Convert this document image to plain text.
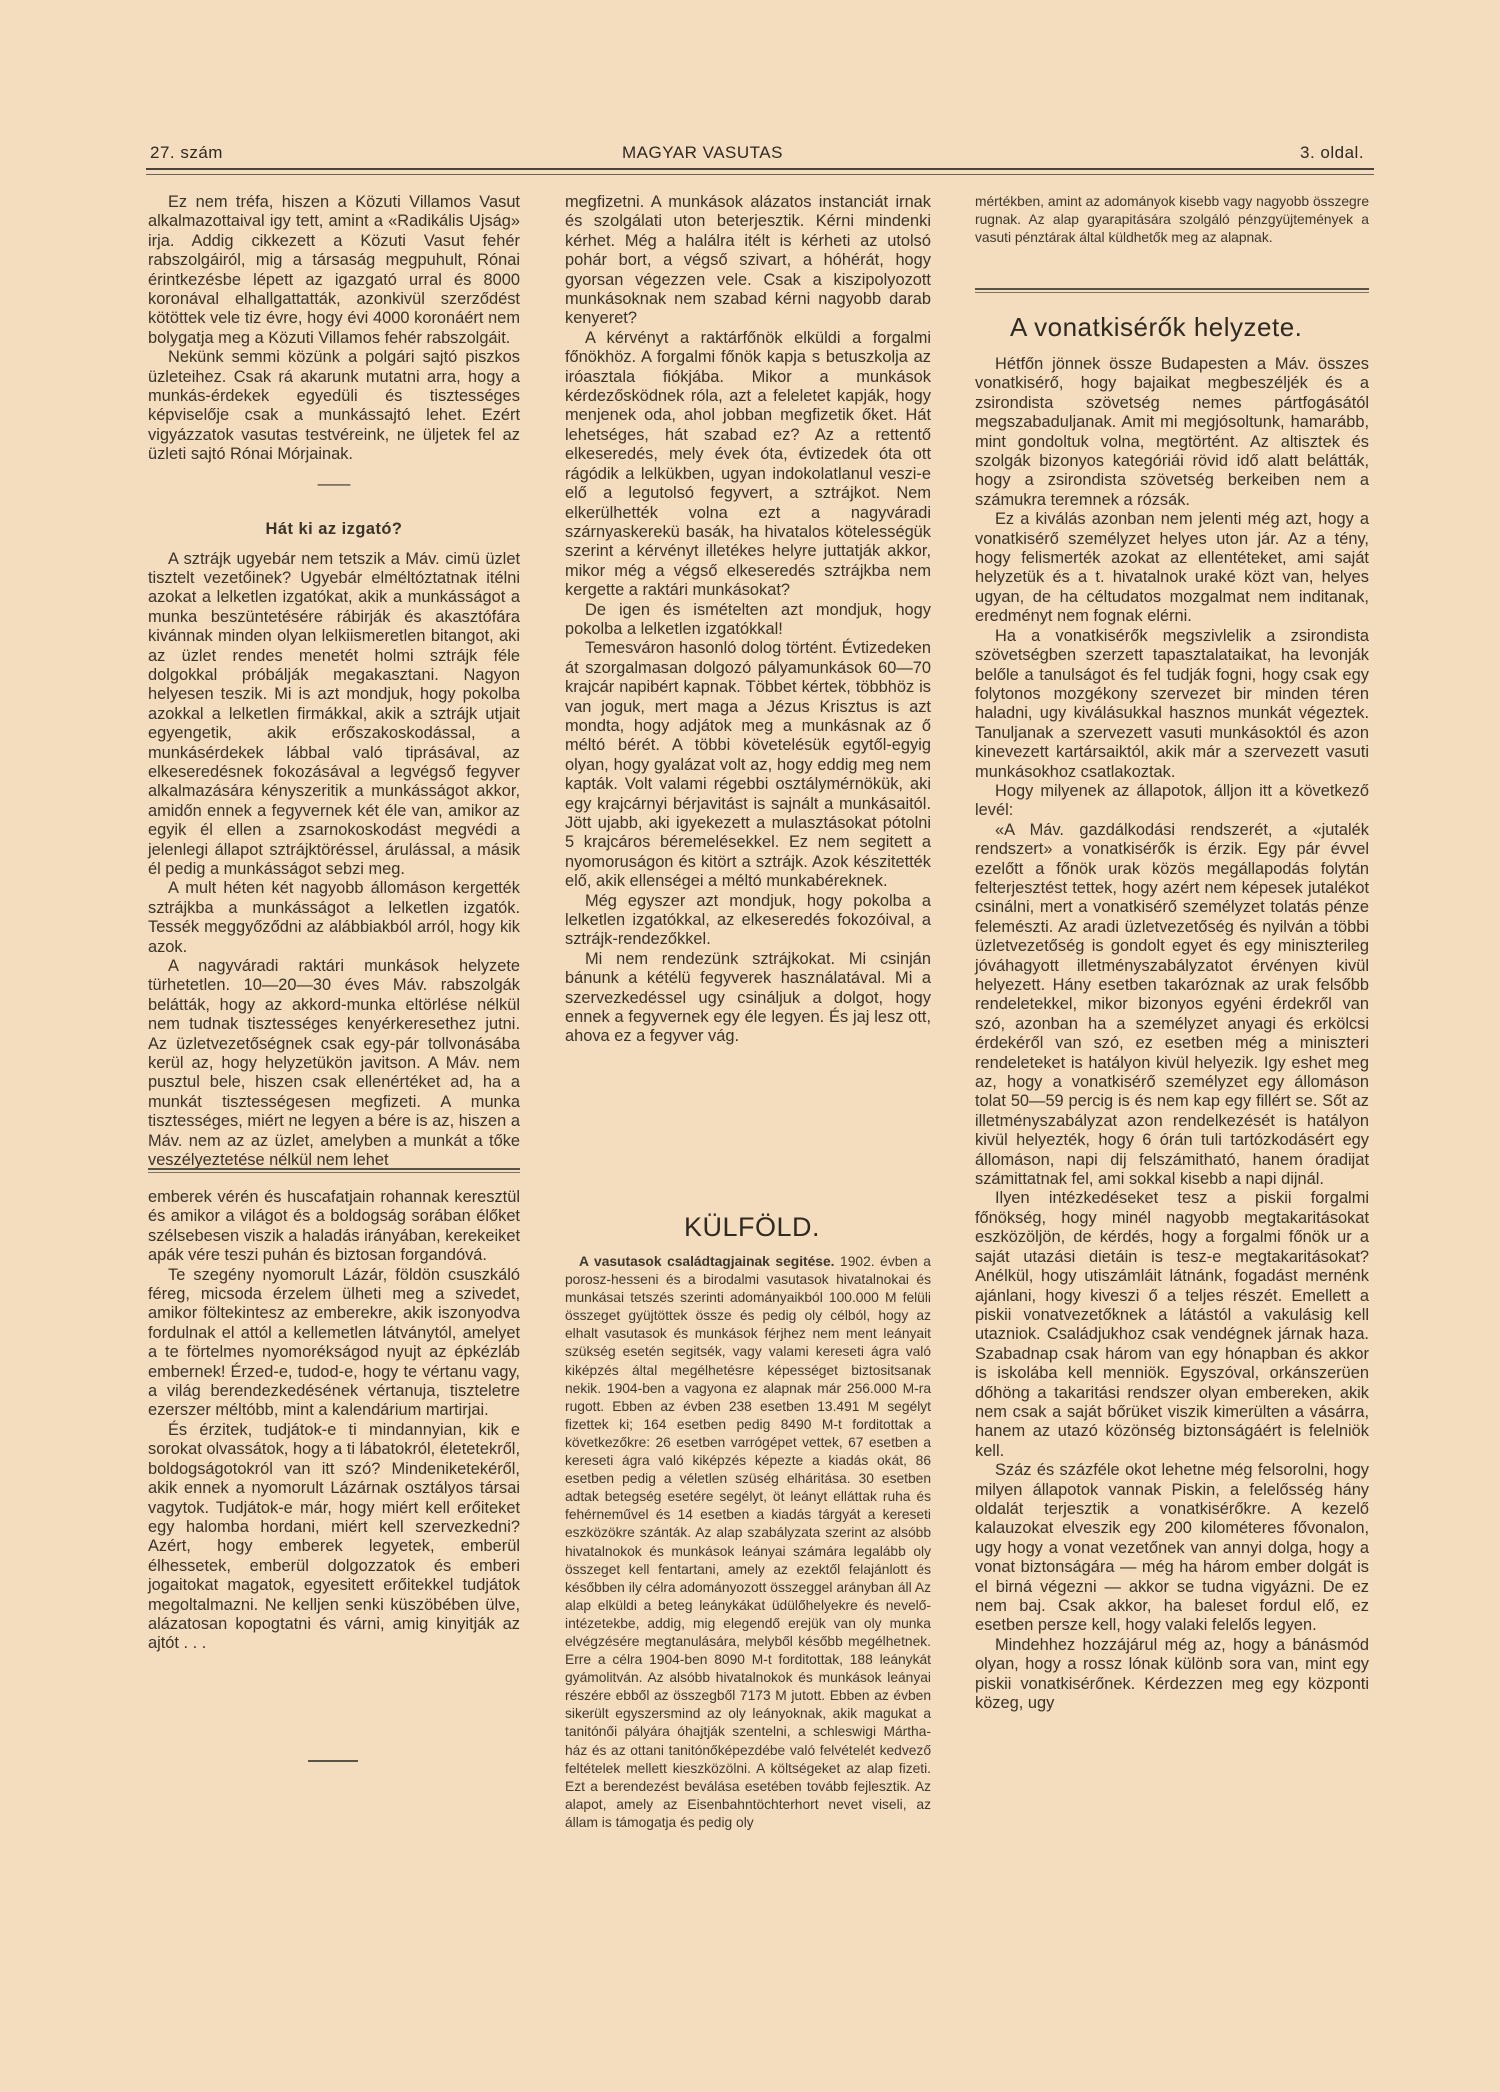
27. szám	MAGYAR VASUTAS	3. oldal.

Ez nem tréfa, hiszen a Közuti Villamos Vasut alkalmazottaival igy tett, amint a «Radikális Ujság» irja. Addig cikkezett a Közuti Vasut fehér rabszolgáiról, mig a társaság megpuhult, Rónai érintkezésbe lépett az igazgató urral és 8000 koronával elhallgattatták, azonkivül szerződést kötöttek vele tiz évre, hogy évi 4000 koronáért nem bolygatja meg a Közuti Villamos fehér rabszolgáit.

Nekünk semmi közünk a polgári sajtó piszkos üzleteihez. Csak rá akarunk mutatni arra, hogy a munkás-érdekek egyedüli és tisztességes képviselője csak a munkássajtó lehet. Ezért vigyázzatok vasutas testvéreink, ne üljetek fel az üzleti sajtó Rónai Mórjainak.

——

Hát ki az izgató?

A sztrájk ugyebár nem tetszik a Máv. cimü üzlet tisztelt vezetőinek? Ugyebár elméltóztatnak itélni azokat a lelketlen izgatókat, akik a munkásságot a munka beszüntetésére rábirják és akasztófára kivánnak minden olyan lelkiismeretlen bitangot, aki az üzlet rendes menetét holmi sztrájk féle dolgokkal próbálják megakasztani. Nagyon helyesen teszik. Mi is azt mondjuk, hogy pokolba azokkal a lelketlen firmákkal, akik a sztrájk utjait egyengetik, akik erőszakoskodással, a munkásérdekek lábbal való tiprásával, az elkeseredésnek fokozásával a legvégső fegyver alkalmazására kényszeritik a munkásságot akkor, amidőn ennek a fegyvernek két éle van, amikor az egyik él ellen a zsarnokoskodást megvédi a jelenlegi állapot sztrájktöréssel, árulással, a másik él pedig a munkásságot sebzi meg.

A mult héten két nagyobb állomáson kergették sztrájkba a munkásságot a lelketlen izgatók. Tessék meggyőződni az alábbiakból arról, hogy kik azok.

A nagyváradi raktári munkások helyzete türhetetlen. 10—20—30 éves Máv. rabszolgák belátták, hogy az akkord-munka eltörlése nélkül nem tudnak tisztességes kenyérkeresethez jutni. Az üzletvezetőségnek csak egy-pár tollvonásába kerül az, hogy helyzetükön javitson. A Máv. nem pusztul bele, hiszen csak ellenértéket ad, ha a munkát tisztességesen megfizeti. A munka tisztességes, miért ne legyen a bére is az, hiszen a Máv. nem az az üzlet, amelyben a munkát a tőke veszélyeztetése nélkül nem lehet

emberek vérén és huscafatjain rohannak keresztül és amikor a világot és a boldogság sorában élőket szélsebesen viszik a haladás irányában, kerekeiket apák vére teszi puhán és biztosan forgandóvá.

Te szegény nyomorult Lázár, földön csuszkáló féreg, micsoda érzelem ülheti meg a szivedet, amikor föltekintesz az emberekre, akik iszonyodva fordulnak el attól a kellemetlen látványtól, amelyet a te förtelmes nyomorékságod nyujt az épkézláb embernek! Érzed-e, tudod-e, hogy te vértanu vagy, a világ berendezkedésének vértanuja, tiszteletre ezerszer méltóbb, mint a kalendárium martirjai.

És érzitek, tudjátok-e ti mindannyian, kik e sorokat olvassátok, hogy a ti lábatokról, életetekről, boldogságotokról van itt szó? Mindeniketekéről, akik ennek a nyomorult Lázárnak osztályos társai vagytok. Tudjátok-e már, hogy miért kell erőiteket egy halomba hordani, miért kell szervezkedni? Azért, hogy emberek legyetek, emberül élhessetek, emberül dolgozzatok és emberi jogaitokat magatok, egyesitett erőitekkel tudjátok megoltalmazni. Ne kelljen senki küszöbében ülve, alázatosan kopogtatni és várni, amig kinyitják az ajtót . . .

megfizetni. A munkások alázatos instanciát irnak és szolgálati uton beterjesztik. Kérni mindenki kérhet. Még a halálra itélt is kérheti az utolsó pohár bort, a végső szivart, a hóhérát, hogy gyorsan végezzen vele. Csak a kiszipolyozott munkásoknak nem szabad kérni nagyobb darab kenyeret?

A kérvényt a raktárfőnök elküldi a forgalmi főnökhöz. A forgalmi főnök kapja s betuszkolja az iróasztala fiókjába. Mikor a munkások kérdezősködnek róla, azt a feleletet kapják, hogy menjenek oda, ahol jobban megfizetik őket. Hát lehetséges, hát szabad ez? Az a rettentő elkeseredés, mely évek óta, évtizedek óta ott rágódik a lelkükben, ugyan indokolatlanul veszi-e elő a legutolsó fegyvert, a sztrájkot. Nem elkerülhették volna ezt a nagyváradi szárnyaskerekü basák, ha hivatalos kötelességük szerint a kérvényt illetékes helyre juttatják akkor, mikor még a végső elkeseredés sztrájkba nem kergette a raktári munkásokat?

De igen és ismételten azt mondjuk, hogy pokolba a lelketlen izgatókkal!

Temesváron hasonló dolog történt. Évtizedeken át szorgalmasan dolgozó pályamunkások 60—70 krajcár napibért kapnak. Többet kértek, többhöz is van joguk, mert maga a Jézus Krisztus is azt mondta, hogy adjátok meg a munkásnak az ő méltó bérét. A többi követelésük egytől-egyig olyan, hogy gyalázat volt az, hogy eddig meg nem kapták. Volt valami régebbi osztálymérnökük, aki egy krajcárnyi bérjavitást is sajnált a munkásaitól. Jött ujabb, aki igyekezett a mulasztásokat pótolni 5 krajcáros béremelésekkel. Ez nem segitett a nyomoruságon és kitört a sztrájk. Azok készitették elő, akik ellenségei a méltó munkabéreknek.

Még egyszer azt mondjuk, hogy pokolba a lelketlen izgatókkal, az elkeseredés fokozóival, a sztrájk-rendezőkkel.

Mi nem rendezünk sztrájkokat. Mi csinján bánunk a kétélü fegyverek használatával. Mi a szervezkedéssel ugy csináljuk a dolgot, hogy ennek a fegyvernek egy éle legyen. És jaj lesz ott, ahova ez a fegyver vág.

KÜLFÖLD.

A vasutasok családtagjainak segitése. 1902. évben a porosz-hesseni és a birodalmi vasutasok hivatalnokai és munkásai tetszés szerinti adományaikból 100.000 M felüli összeget gyüjtöttek össze és pedig oly célból, hogy az elhalt vasutasok és munkások férjhez nem ment leányait szükség esetén segitsék, vagy valami kereseti ágra való kiképzés által megélhetésre képességet biztositsanak nekik. 1904-ben a vagyona ez alapnak már 256.000 M-ra rugott. Ebben az évben 238 esetben 13.491 M segélyt fizettek ki; 164 esetben pedig 8490 M-t forditottak a következőkre: 26 esetben varrógépet vettek, 67 esetben a kereseti ágra való kiképzés képezte a kiadás okát, 86 esetben pedig a véletlen szüség elháritása. 30 esetben adtak betegség esetére segélyt, öt leányt elláttak ruha és fehérneművel és 14 esetben a kiadás tárgyát a kereseti eszközökre szánták. Az alap szabályzata szerint az alsóbb hivatalnokok és munkások leányai számára legalább oly összeget kell fentartani, amely az ezektől felajánlott és későbben ily célra adományozott összeggel arányban áll Az alap elküldi a beteg leánykákat üdülőhelyekre és nevelő-intézetekbe, addig, mig elegendő erejük van oly munka elvégzésére megtanulására, melyből később megélhetnek. Erre a célra 1904-ben 8090 M-t forditottak, 188 leánykát gyámolitván. Az alsóbb hivatalnokok és munkások leányai részére ebből az összegből 7173 M jutott. Ebben az évben sikerült egyszersmind az oly leányoknak, akik magukat a tanitónői pályára óhajtják szentelni, a schleswigi Mártha-ház és az ottani tanitónőképezdébe való felvételét kedvező feltételek mellett kieszközölni. A költségeket az alap fizeti. Ezt a berendezést beválása esetében tovább fejlesztik. Az alapot, amely az Eisenbahntöchterhort nevet viseli, az állam is támogatja és pedig oly

mértékben, amint az adományok kisebb vagy nagyobb összegre rugnak. Az alap gyarapitására szolgáló pénzgyüjtemények a vasuti pénztárak által küldhetők meg az alapnak.

A vonatkisérők helyzete.

Hétfőn jönnek össze Budapesten a Máv. összes vonatkisérő, hogy bajaikat megbeszéljék és a zsirondista szövetség nemes pártfogásától megszabaduljanak. Amit mi megjósoltunk, hamarább, mint gondoltuk volna, megtörtént. Az altisztek és szolgák bizonyos kategóriái rövid idő alatt belátták, hogy a zsirondista szövetség berkeiben nem a számukra teremnek a rózsák.

Ez a kiválás azonban nem jelenti még azt, hogy a vonatkisérő személyzet helyes uton jár. Az a tény, hogy felismerték azokat az ellentéteket, ami saját helyzetük és a t. hivatalnok uraké közt van, helyes ugyan, de ha céltudatos mozgalmat nem inditanak, eredményt nem fognak elérni.

Ha a vonatkisérők megszivlelik a zsirondista szövetségben szerzett tapasztalataikat, ha levonják belőle a tanulságot és fel tudják fogni, hogy csak egy folytonos mozgékony szervezet bir minden téren haladni, ugy kiválásukkal hasznos munkát végeztek. Tanuljanak a szervezett vasuti munkásoktól és azon kinevezett kartársaiktól, akik már a szervezett vasuti munkásokhoz csatlakoztak.

Hogy milyenek az állapotok, álljon itt a következő levél:

«A Máv. gazdálkodási rendszerét, a «jutalék rendszert» a vonatkisérők is érzik. Egy pár évvel ezelőtt a főnök urak közös megállapodás folytán felterjesztést tettek, hogy azért nem képesek jutalékot csinálni, mert a vonatkisérő személyzet tolatás pénze felemészti. Az aradi üzletvezetőség és nyilván a többi üzletvezetőség is gondolt egyet és egy miniszterileg jóváhagyott illetményszabályzatot érvényen kivül helyezett. Hány esetben takaróznak az urak felsőbb rendeletekkel, mikor bizonyos egyéni érdekről van szó, azonban ha a személyzet anyagi és erkölcsi érdekéről van szó, ez esetben még a miniszteri rendeleteket is hatályon kivül helyezik. Igy eshet meg az, hogy a vonatkisérő személyzet egy állomáson tolat 50—59 percig is és nem kap egy fillért se. Sőt az illetményszabályzat azon rendelkezését is hatályon kivül helyezték, hogy 6 órán tuli tartózkodásért egy állomáson, napi dij felszámitható, hanem óradijat számittatnak fel, ami sokkal kisebb a napi dijnál.

Ilyen intézkedéseket tesz a piskii forgalmi főnökség, hogy minél nagyobb megtakaritásokat eszközöljön, de kérdés, hogy a forgalmi főnök ur a saját utazási dietáin is tesz-e megtakaritásokat? Anélkül, hogy utiszámláit látnánk, fogadást mernénk ajánlani, hogy kiveszi ő a teljes részét. Emellett a piskii vonatvezetőknek a látástól a vakulásig kell utazniok. Családjukhoz csak vendégnek járnak haza. Szabadnap csak három van egy hónapban és akkor is iskolába kell menniök. Egyszóval, orkánszerüen dőhöng a takaritási rendszer olyan embereken, akik nem csak a saját bőrüket viszik kimerülten a vásárra, hanem az utazó közönség biztonságáért is felelniök kell.

Száz és százféle okot lehetne még felsorolni, hogy milyen állapotok vannak Piskin, a felelősség hány oldalát terjesztik a vonatkisérőkre. A kezelő kalauzokat elveszik egy 200 kilométeres fővonalon, ugy hogy a vonat vezetőnek van annyi dolga, hogy a vonat biztonságára — még ha három ember dolgát is el birná végezni — akkor se tudna vigyázni. De ez nem baj. Csak akkor, ha baleset fordul elő, ez esetben persze kell, hogy valaki felelős legyen.

Mindehhez hozzájárul még az, hogy a bánásmód olyan, hogy a rossz lónak különb sora van, mint egy piskii vonatkisérőnek. Kérdezzen meg egy központi közeg, ugy
